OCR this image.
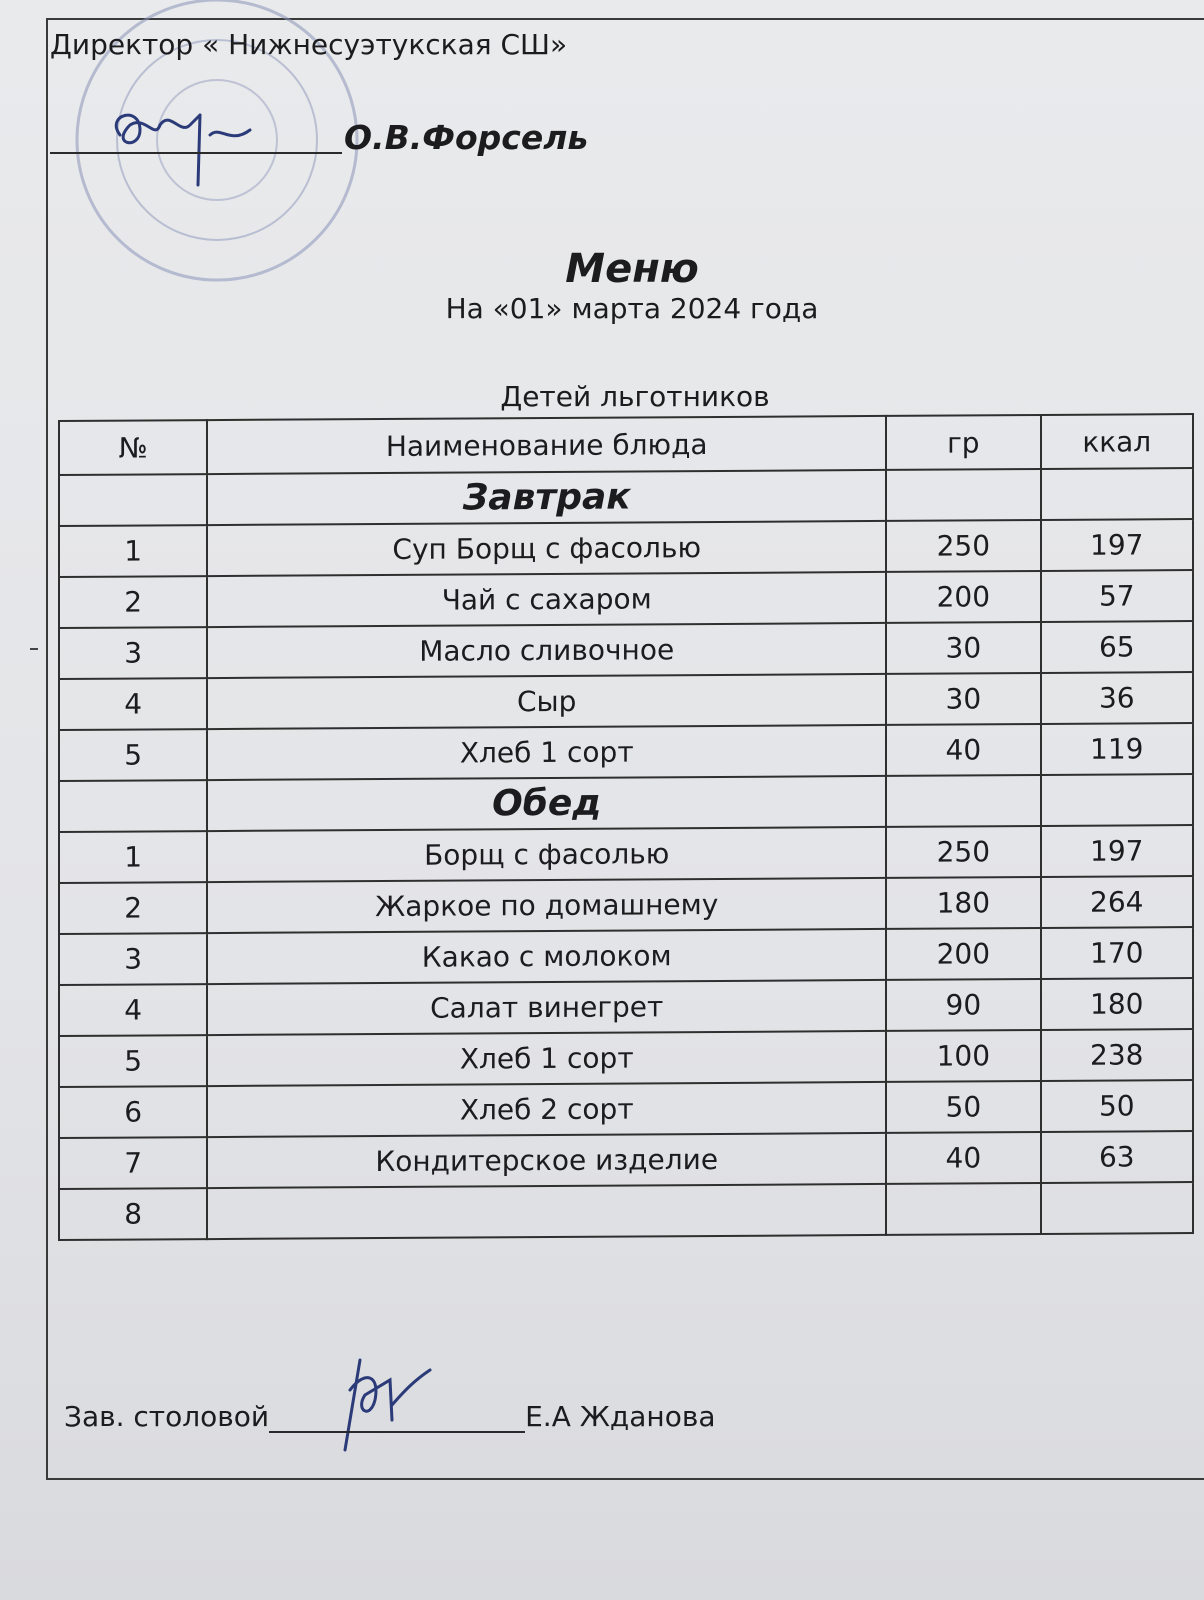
Директор « Нижнесуэтукская СШ»
О.В.Форсель
Меню
На «01» марта 2024 года
Детей льготников
№	Наименование блюда	гр	ккал
	Завтрак		
1	Суп Борщ с фасолью	250	197
2	Чай с сахаром	200	57
3	Масло сливочное	30	65
4	Сыр	30	36
5	Хлеб 1 сорт	40	119
	Обед		
1	Борщ с фасолью	250	197
2	Жаркое по домашнему	180	264
3	Какао с молоком	200	170
4	Салат винегрет	90	180
5	Хлеб 1 сорт	100	238
6	Хлеб 2 сорт	50	50
7	Кондитерское изделие	40	63
8			
Зав. столовой	Е.А Жданова
